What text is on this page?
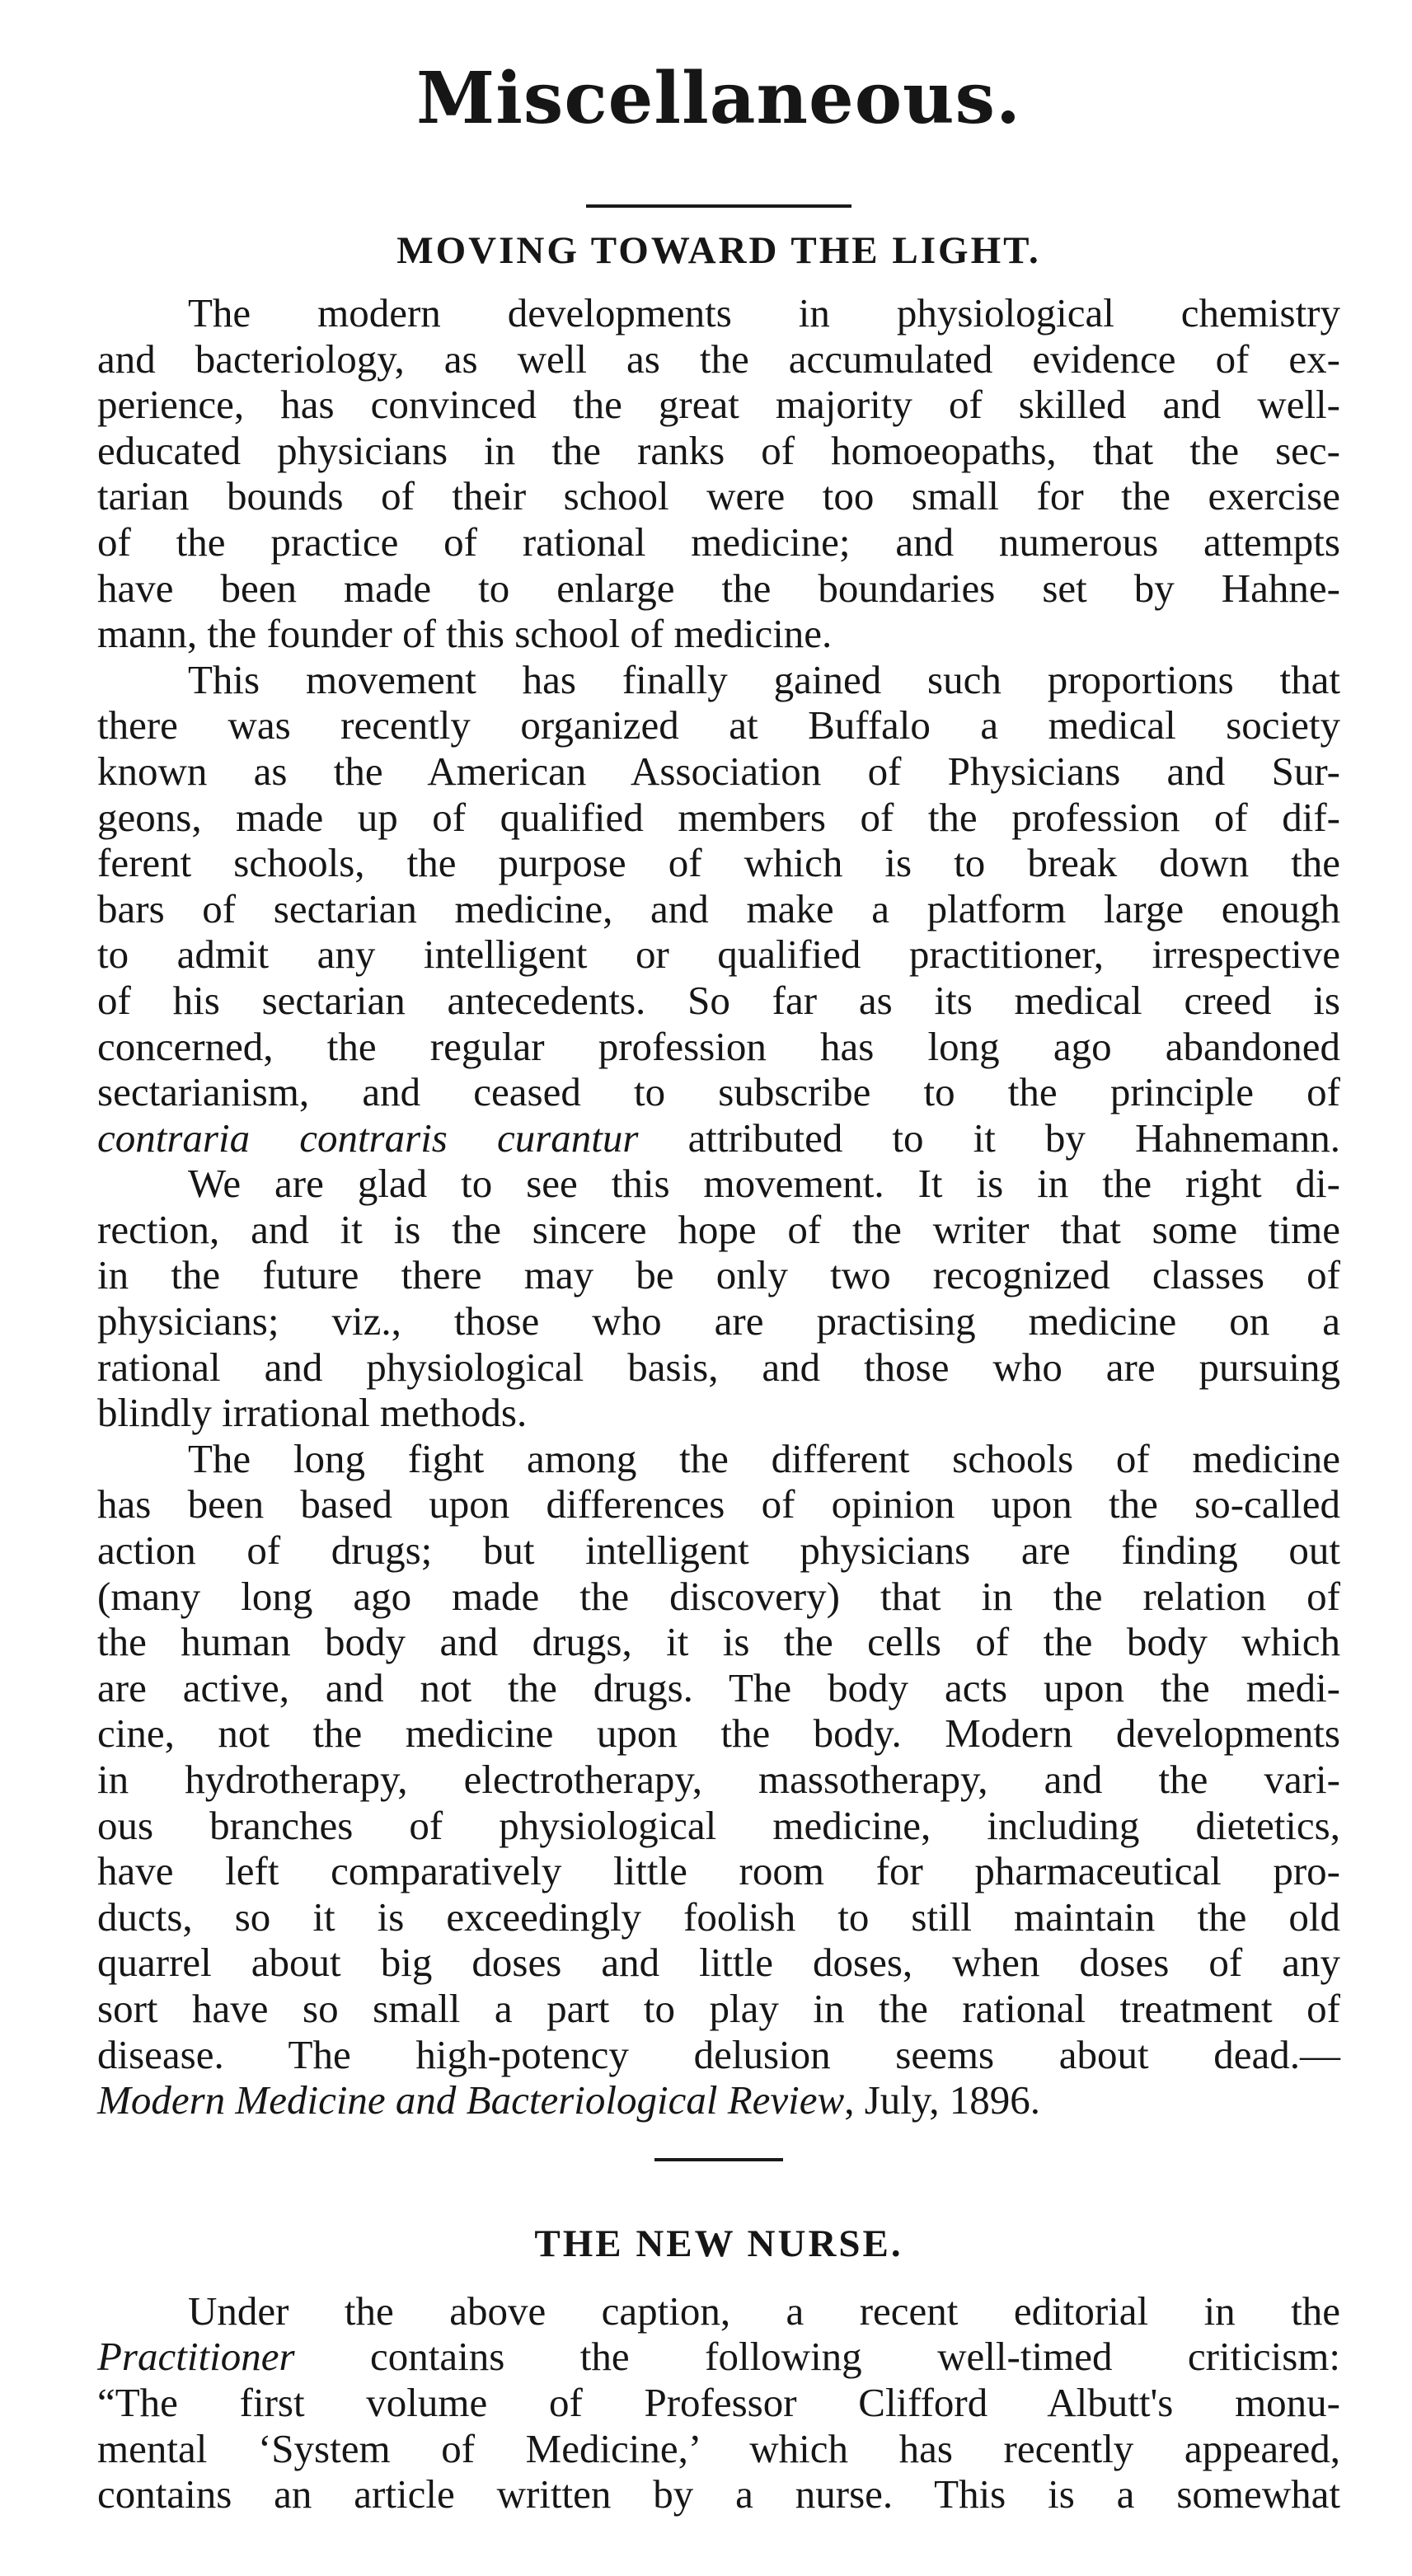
Miscellaneous.
MOVING TOWARD THE LIGHT.
The modern developments in physiological chemistry
and bacteriology, as well as the accumulated evidence of ex-
perience, has convinced the great majority of skilled and well-
educated physicians in the ranks of homoeopaths, that the sec-
tarian bounds of their school were too small for the exercise
of the practice of rational medicine; and numerous attempts
have been made to enlarge the boundaries set by Hahne-
mann, the founder of this school of medicine.
This movement has finally gained such proportions that
there was recently organized at Buffalo a medical society
known as the American Association of Physicians and Sur-
geons, made up of qualified members of the profession of dif-
ferent schools, the purpose of which is to break down the
bars of sectarian medicine, and make a platform large enough
to admit any intelligent or qualified practitioner, irrespective
of his sectarian antecedents. So far as its medical creed is
concerned, the regular profession has long ago abandoned
sectarianism, and ceased to subscribe to the principle of
contraria contraris curantur attributed to it by Hahnemann.
We are glad to see this movement. It is in the right di-
rection, and it is the sincere hope of the writer that some time
in the future there may be only two recognized classes of
physicians; viz., those who are practising medicine on a
rational and physiological basis, and those who are pursuing
blindly irrational methods.
The long fight among the different schools of medicine
has been based upon differences of opinion upon the so-called
action of drugs; but intelligent physicians are finding out
(many long ago made the discovery) that in the relation of
the human body and drugs, it is the cells of the body which
are active, and not the drugs. The body acts upon the medi-
cine, not the medicine upon the body. Modern developments
in hydrotherapy, electrotherapy, massotherapy, and the vari-
ous branches of physiological medicine, including dietetics,
have left comparatively little room for pharmaceutical pro-
ducts, so it is exceedingly foolish to still maintain the old
quarrel about big doses and little doses, when doses of any
sort have so small a part to play in the rational treatment of
disease. The high-potency delusion seems about dead.—
Modern Medicine and Bacteriological Review, July, 1896.
THE NEW NURSE.
Under the above caption, a recent editorial in the
Practitioner contains the following well-timed criticism:
“The first volume of Professor Clifford Albutt's monu-
mental ‘System of Medicine,’ which has recently appeared,
contains an article written by a nurse. This is a somewhat
